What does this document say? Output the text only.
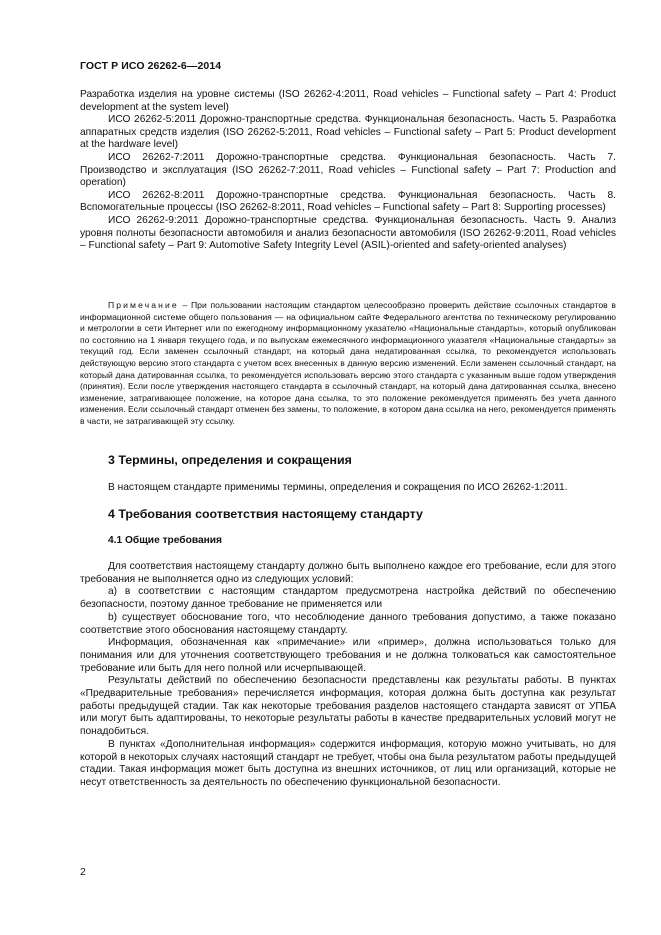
ГОСТ Р ИСО 26262-6—2014

Разработка изделия на уровне системы (ISO 26262-4:2011, Road vehicles – Functional safety – Part 4: Product development at the system level)

ИСО 26262-5:2011 Дорожно-транспортные средства. Функциональная безопасность. Часть 5. Разработка аппаратных средств изделия (ISO 26262-5:2011, Road vehicles – Functional safety – Part 5: Product development at the hardware level)

ИСО 26262-7:2011 Дорожно-транспортные средства. Функциональная безопасность. Часть 7. Производство и эксплуатация (ISO 26262-7:2011, Road vehicles – Functional safety – Part 7: Production and operation)

ИСО 26262-8:2011 Дорожно-транспортные средства. Функциональная безопасность. Часть 8. Вспомогательные процессы (ISO 26262-8:2011, Road vehicles – Functional safety – Part 8: Supporting processes)

ИСО 26262-9:2011 Дорожно-транспортные средства. Функциональная безопасность. Часть 9. Анализ уровня полноты безопасности автомобиля и анализ безопасности автомобиля (ISO 26262-9:2011, Road vehicles – Functional safety – Part 9: Automotive Safety Integrity Level (ASIL)-oriented and safety-oriented analyses)

Примечание – При пользовании настоящим стандартом целесообразно проверить действие ссылочных стандартов в информационной системе общего пользования — на официальном сайте Федерального агентства по техническому регулированию и метрологии в сети Интернет или по ежегодному информационному указателю «Национальные стандарты», который опубликован по состоянию на 1 января текущего года, и по выпускам ежемесячного информационного указателя «Национальные стандарты» за текущий год. Если заменен ссылочный стандарт, на который дана недатированная ссылка, то рекомендуется использовать действующую версию этого стандарта с учетом всех внесенных в данную версию изменений. Если заменен ссылочный стандарт, на который дана датированная ссылка, то рекомендуется использовать версию этого стандарта с указанным выше годом утверждения (принятия). Если после утверждения настоящего стандарта в ссылочный стандарт, на который дана датированная ссылка, внесено изменение, затрагивающее положение, на которое дана ссылка, то это положение рекомендуется применять без учета данного изменения. Если ссылочный стандарт отменен без замены, то положение, в котором дана ссылка на него, рекомендуется применять в части, не затрагивающей эту ссылку.
3 Термины, определения и сокращения
В настоящем стандарте применимы термины, определения и сокращения по ИСО 26262-1:2011.
4 Требования соответствия настоящему стандарту
4.1 Общие требования

Для соответствия настоящему стандарту должно быть выполнено каждое его требование, если для этого требования не выполняется одно из следующих условий:

а) в соответствии с настоящим стандартом предусмотрена настройка действий по обеспечению безопасности, поэтому данное требование не применяется или

b) существует обоснование того, что несоблюдение данного требования допустимо, а также показано соответствие этого обоснования настоящему стандарту.

Информация, обозначенная как «примечание» или «пример», должна использоваться только для понимания или для уточнения соответствующего требования и не должна толковаться как самостоятельное требование или быть для него полной или исчерпывающей.

Результаты действий по обеспечению безопасности представлены как результаты работы. В пунктах «Предварительные требования» перечисляется информация, которая должна быть доступна как результат работы предыдущей стадии. Так как некоторые требования разделов настоящего стандарта зависят от УПБА или могут быть адаптированы, то некоторые результаты работы в качестве предварительных условий могут не понадобиться.

В пунктах «Дополнительная информация» содержится информация, которую можно учитывать, но для которой в некоторых случаях настоящий стандарт не требует, чтобы она была результатом работы предыдущей стадии. Такая информация может быть доступна из внешних источников, от лиц или организаций, которые не несут ответственность за деятельность по обеспечению функциональной безопасности.

2
